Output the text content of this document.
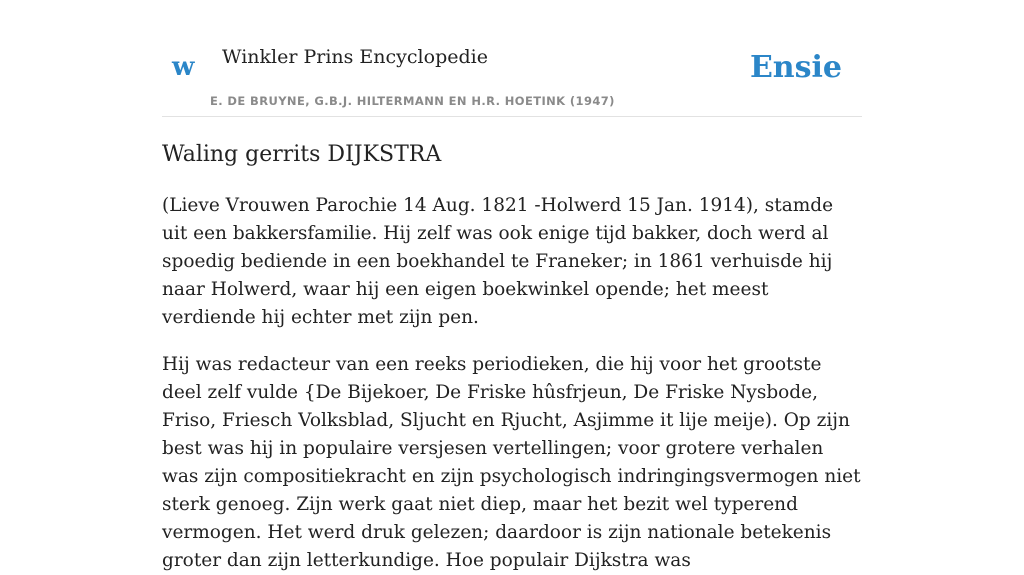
w Winkler Prins Encyclopedie
E. DE BRUYNE, G.B.J. HILTERMANN EN H.R. HOETINK (1947)
Ensie
Waling gerrits DIJKSTRA

(Lieve Vrouwen Parochie 14 Aug. 1821 -Holwerd 15 Jan. 1914), stamde uit een bakkersfamilie. Hij zelf was ook enige tijd bakker, doch werd al spoedig bediende in een boekhandel te Franeker; in 1861 verhuisde hij naar Holwerd, waar hij een eigen boekwinkel opende; het meest verdiende hij echter met zijn pen.

Hij was redacteur van een reeks periodieken, die hij voor het grootste deel zelf vulde {De Bijekoer, De Friske hûsfrjeun, De Friske Nysbode, Friso, Friesch Volksblad, Sljucht en Rjucht, Asjimme it lije meije). Op zijn best was hij in populaire versjesen vertellingen; voor grotere verhalen was zijn compositiekracht en zijn psychologisch indringingsvermogen niet sterk genoeg. Zijn werk gaat niet diep, maar het bezit wel typerend vermogen. Het werd druk gelezen; daardoor is zijn nationale betekenis groter dan zijn letterkundige. Hoe populair Dijkstra was
